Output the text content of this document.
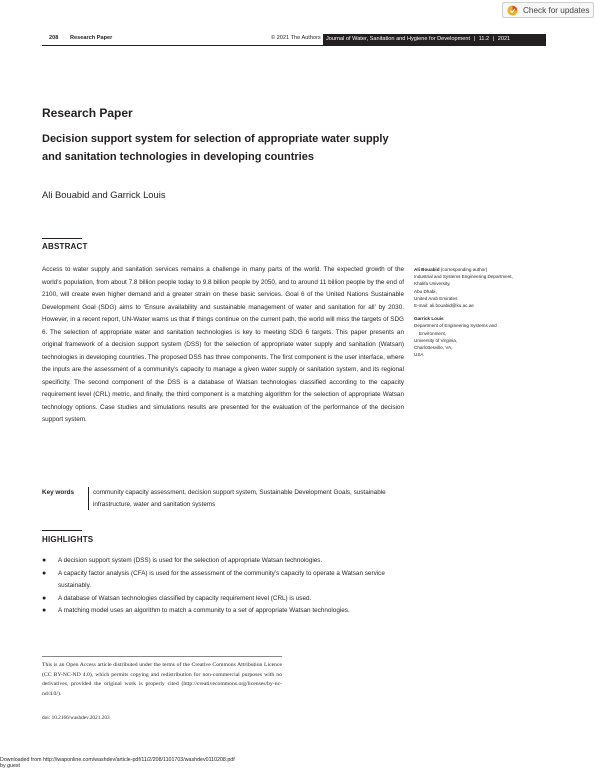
Check for updates
208 Research Paper	© 2021 The Authors Journal of Water, Sanitation and Hygiene for Development | 11.2 | 2021
Research Paper
Decision support system for selection of appropriate water supply and sanitation technologies in developing countries
Ali Bouabid and Garrick Louis
ABSTRACT
Access to water supply and sanitation services remains a challenge in many parts of the world. The expected growth of the world’s population, from about 7.8 billion people today to 9.8 billion people by 2050, and to around 11 billion people by the end of 2100, will create even higher demand and a greater strain on these basic services. Goal 6 of the United Nations Sustainable Development Goal (SDG) aims to ‘Ensure availability and sustainable management of water and sanitation for all’ by 2030. However, in a recent report, UN-Water warns us that if things continue on the current path, the world will miss the targets of SDG 6. The selection of appropriate water and sanitation technologies is key to meeting SDG 6 targets. This paper presents an original framework of a decision support system (DSS) for the selection of appropriate water supply and sanitation (Watsan) technologies in developing countries. The proposed DSS has three components. The first component is the user interface, where the inputs are the assessment of a community’s capacity to manage a given water supply or sanitation system, and its regional specificity. The second component of the DSS is a database of Watsan technologies classified according to the capacity requirement level (CRL) metric, and finally, the third component is a matching algorithm for the selection of appropriate Watsan technology options. Case studies and simulations results are presented for the evaluation of the performance of the decision support system.
Key words	community capacity assessment, decision support system, Sustainable Development Goals, sustainable infrastructure, water and sanitation systems
Ali Bouabid (corresponding author)
Industrial and Systems Engineering Department,
Khalifa University,
Abu Dhabi,
United Arab Emirates
E-mail: ali.bouabid@ku.ac.ae
Garrick Louis
Department of Engineering Systems and
Environment,
University of Virginia,
Charlottesville, VA,
USA
HIGHLIGHTS
●	A decision support system (DSS) is used for the selection of appropriate Watsan technologies.
●	A capacity factor analysis (CFA) is used for the assessment of the community’s capacity to operate a Watsan service sustainably.
●	A database of Watsan technologies classified by capacity requirement level (CRL) is used.
●	A matching model uses an algorithm to match a community to a set of appropriate Watsan technologies.
This is an Open Access article distributed under the terms of the Creative Commons Attribution Licence (CC BY-NC-ND 4.0), which permits copying and redistribution for non-commercial purposes with no derivatives, provided the original work is properly cited (http://creativecommons.org/licenses/by-nc-nd/4.0/).
doi: 10.2166/washdev.2021.203
Downloaded from http://iwaponline.com/washdev/article-pdf/11/2/208/1101703/washdev0110208.pdf
by guest
